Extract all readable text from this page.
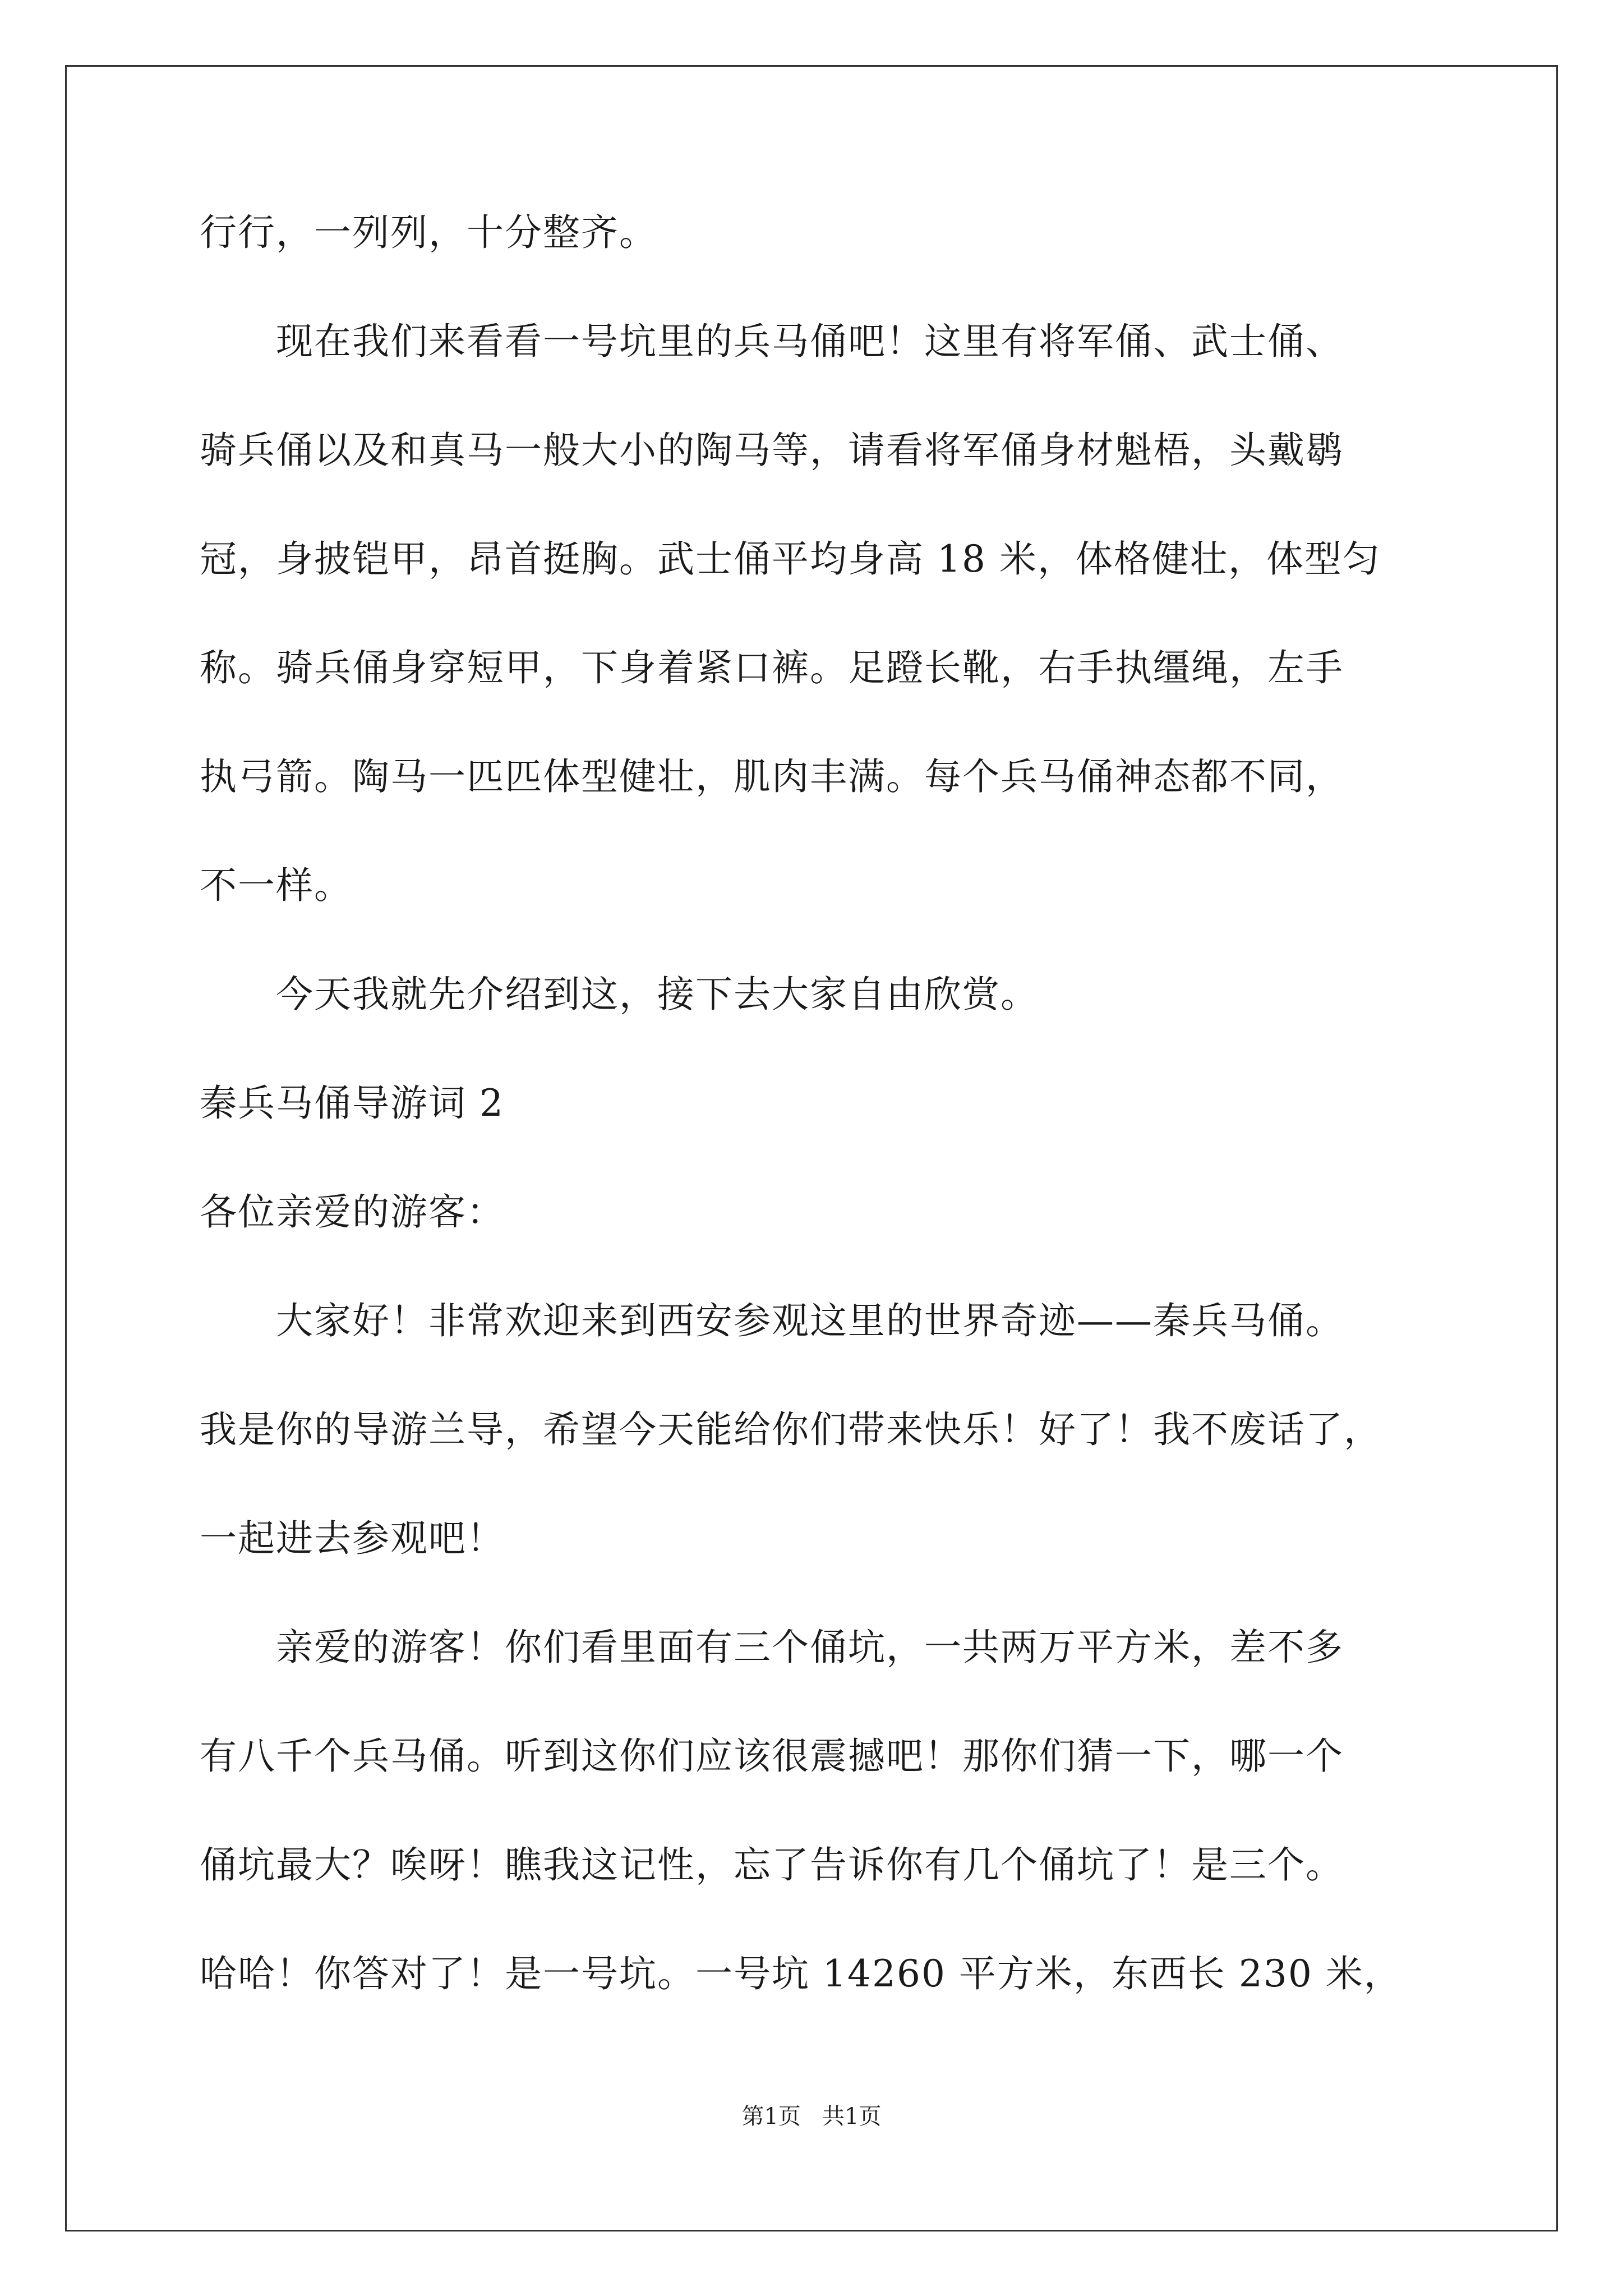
行行，一列列，十分整齐。
　　现在我们来看看一号坑里的兵马俑吧！这里有将军俑、武士俑、
骑兵俑以及和真马一般大小的陶马等，请看将军俑身材魁梧，头戴鹖
冠，身披铠甲，昂首挺胸。武士俑平均身高 18 米，体格健壮，体型匀
称。骑兵俑身穿短甲，下身着紧口裤。足蹬长靴，右手执缰绳，左手
执弓箭。陶马一匹匹体型健壮，肌肉丰满。每个兵马俑神态都不同，
不一样。
　　今天我就先介绍到这，接下去大家自由欣赏。
秦兵马俑导游词 2
各位亲爱的游客：
　　大家好！非常欢迎来到西安参观这里的世界奇迹——秦兵马俑。
我是你的导游兰导，希望今天能给你们带来快乐！好了！我不废话了，
一起进去参观吧！
　　亲爱的游客！你们看里面有三个俑坑，一共两万平方米，差不多
有八千个兵马俑。听到这你们应该很震撼吧！那你们猜一下，哪一个
俑坑最大？唉呀！瞧我这记性，忘了告诉你有几个俑坑了！是三个。
哈哈！你答对了！是一号坑。一号坑 14260 平方米，东西长 230 米，
第1页   共1页
